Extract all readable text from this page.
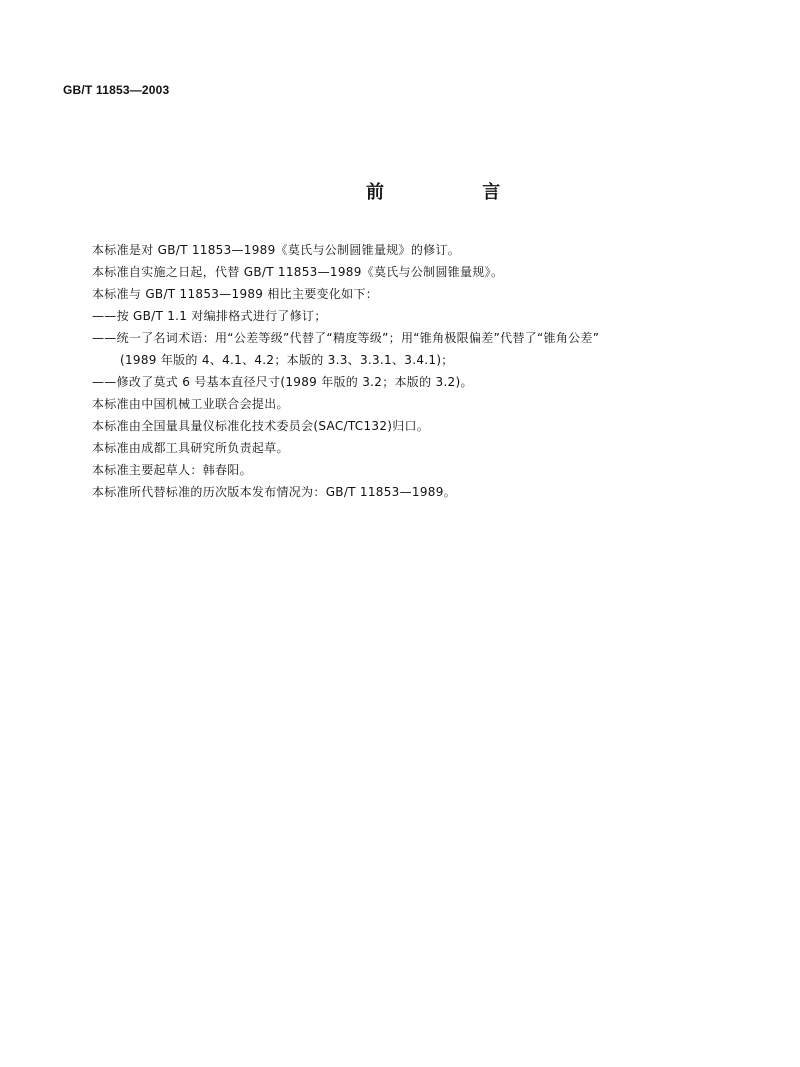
GB/T 11853—2003
前 言
本标准是对 GB/T 11853—1989《莫氏与公制圆锥量规》的修订。
本标准自实施之日起，代替 GB/T 11853—1989《莫氏与公制圆锥量规》。
本标准与 GB/T 11853—1989 相比主要变化如下：
——按 GB/T 1.1 对编排格式进行了修订；
——统一了名词术语：用“公差等级”代替了“精度等级”；用“锥角极限偏差”代替了“锥角公差”
(1989 年版的 4、4.1、4.2；本版的 3.3、3.3.1、3.4.1)；
——修改了莫式 6 号基本直径尺寸(1989 年版的 3.2；本版的 3.2)。
本标准由中国机械工业联合会提出。
本标准由全国量具量仪标准化技术委员会(SAC/TC132)归口。
本标准由成都工具研究所负责起草。
本标准主要起草人：韩春阳。
本标准所代替标准的历次版本发布情况为：GB/T 11853—1989。
